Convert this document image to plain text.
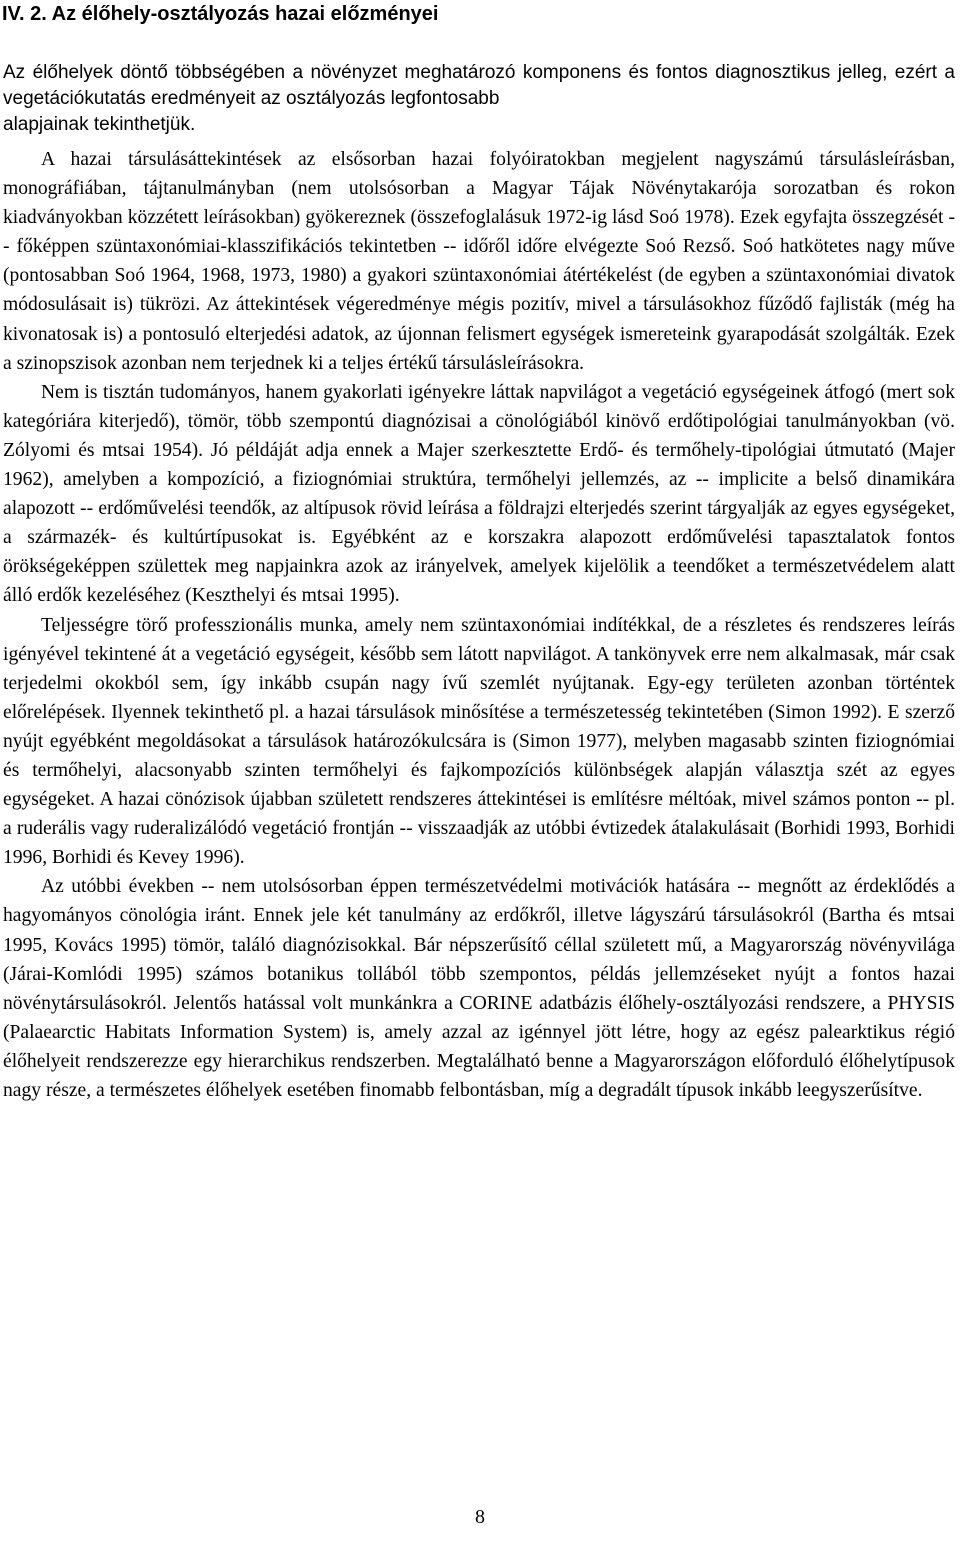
IV. 2. Az élőhely-osztályozás hazai előzményei

Az élőhelyek döntő többségében a növényzet meghatározó komponens és fontos diagnosztikus jelleg, ezért a vegetációkutatás eredményeit az osztályozás legfontosabb

alapjainak tekinthetjük.

A hazai társulásáttekintések az elsősorban hazai folyóiratokban megjelent nagyszámú társulásleírásban, monográfiában, tájtanulmányban (nem utolsósorban a Magyar Tájak Növénytakarója sorozatban és rokon kiadványokban közzétett leírásokban) gyökereznek (összefoglalásuk 1972-ig lásd Soó 1978). Ezek egyfajta összegzését -- főképpen szüntaxonómiai-klasszifikációs tekintetben -- időről időre elvégezte Soó Rezső. Soó hatkötetes nagy műve (pontosabban Soó 1964, 1968, 1973, 1980) a gyakori szüntaxonómiai átértékelést (de egyben a szüntaxonómiai divatok módosulásait is) tükrözi. Az áttekintések végeredménye mégis pozitív, mivel a társulásokhoz fűződő fajlisták (még ha kivonatosak is) a pontosuló elterjedési adatok, az újonnan felismert egységek ismereteink gyarapodását szolgálták. Ezek a szinopszisok azonban nem terjednek ki a teljes értékű társulásleírásokra.

Nem is tisztán tudományos, hanem gyakorlati igényekre láttak napvilágot a vegetáció egységeinek átfogó (mert sok kategóriára kiterjedő), tömör, több szempontú diagnózisai a cönológiából kinövő erdőtipológiai tanulmányokban (vö. Zólyomi és mtsai 1954). Jó példáját adja ennek a Majer szerkesztette Erdő- és termőhely-tipológiai útmutató (Majer 1962), amelyben a kompozíció, a fiziognómiai struktúra, termőhelyi jellemzés, az -- implicite a belső dinamikára alapozott -- erdőművelési teendők, az altípusok rövid leírása a földrajzi elterjedés szerint tárgyalják az egyes egységeket, a származék- és kultúrtípusokat is. Egyébként az e korszakra alapozott erdőművelési tapasztalatok fontos örökségeképpen születtek meg napjainkra azok az irányelvek, amelyek kijelölik a teendőket a természetvédelem alatt álló erdők kezeléséhez (Keszthelyi és mtsai 1995).

Teljességre törő professzionális munka, amely nem szüntaxonómiai indítékkal, de a részletes és rendszeres leírás igényével tekintené át a vegetáció egységeit, később sem látott napvilágot. A tankönyvek erre nem alkalmasak, már csak terjedelmi okokból sem, így inkább csupán nagy ívű szemlét nyújtanak. Egy-egy területen azonban történtek előrelépések. Ilyennek tekinthető pl. a hazai társulások minősítése a természetesség tekintetében (Simon 1992). E szerző nyújt egyébként megoldásokat a társulások határozókulcsára is (Simon 1977), melyben magasabb szinten fiziognómiai és termőhelyi, alacsonyabb szinten termőhelyi és fajkompozíciós különbségek alapján választja szét az egyes egységeket. A hazai cönózisok újabban született rendszeres áttekintései is említésre méltóak, mivel számos ponton -- pl. a ruderális vagy ruderalizálódó vegetáció frontján -- visszaadják az utóbbi évtizedek átalakulásait (Borhidi 1993, Borhidi 1996, Borhidi és Kevey 1996).

Az utóbbi években -- nem utolsósorban éppen természetvédelmi motivációk hatására -- megnőtt az érdeklődés a hagyományos cönológia iránt. Ennek jele két tanulmány az erdőkről, illetve lágyszárú társulásokról (Bartha és mtsai 1995, Kovács 1995) tömör, találó diagnózisokkal. Bár népszerűsítő céllal született mű, a Magyarország növényvilága (Járai-Komlódi 1995) számos botanikus tollából több szempontos, példás jellemzéseket nyújt a fontos hazai növénytársulásokról. Jelentős hatással volt munkánkra a CORINE adatbázis élőhely-osztályozási rendszere, a PHYSIS (Palaearctic Habitats Information System) is, amely azzal az igénnyel jött létre, hogy az egész palearktikus régió élőhelyeit rendszerezze egy hierarchikus rendszerben. Megtalálható benne a Magyarországon előforduló élőhelytípusok nagy része, a természetes élőhelyek esetében finomabb felbontásban, míg a degradált típusok inkább leegyszerűsítve.

8
